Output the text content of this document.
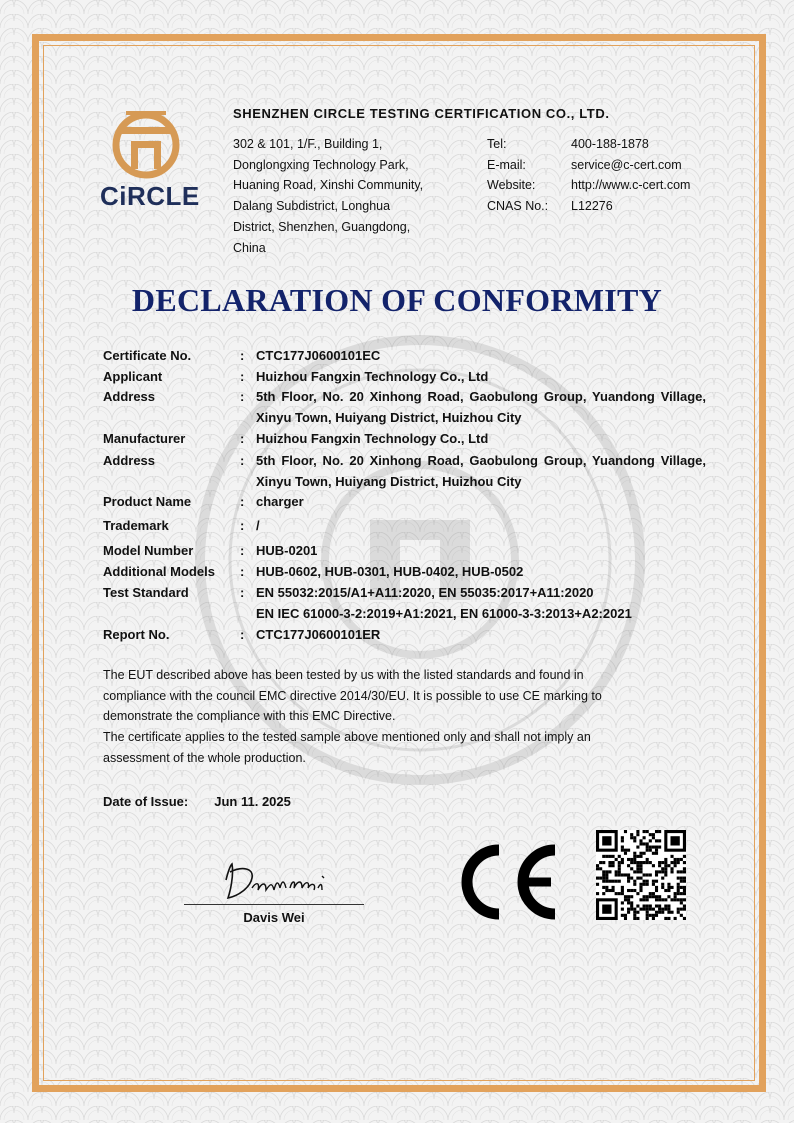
CiRCLE
SHENZHEN CIRCLE TESTING CERTIFICATION CO., LTD.
302 & 101, 1/F., Building 1,
Donglongxing Technology Park,
Huaning Road, Xinshi Community,
Dalang Subdistrict, Longhua
District, Shenzhen, Guangdong,
China
Tel:	400-188-1878
E-mail:	service@c-cert.com
Website:	http://www.c-cert.com
CNAS No.:	L12276
DECLARATION OF CONFORMITY
Certificate No.	: CTC177J0600101EC
Applicant	: Huizhou Fangxin Technology Co., Ltd
Address	: 5th Floor, No. 20 Xinhong Road, Gaobulong Group, Yuandong Village, Xinyu Town, Huiyang District, Huizhou City
Manufacturer	: Huizhou Fangxin Technology Co., Ltd
Address	: 5th Floor, No. 20 Xinhong Road, Gaobulong Group, Yuandong Village, Xinyu Town, Huiyang District, Huizhou City
Product Name	: charger
Trademark	: /
Model Number	: HUB-0201
Additional Models	: HUB-0602, HUB-0301, HUB-0402, HUB-0502
Test Standard	: EN 55032:2015/A1+A11:2020, EN 55035:2017+A11:2020
EN IEC 61000-3-2:2019+A1:2021, EN 61000-3-3:2013+A2:2021
Report No.	: CTC177J0600101ER
The EUT described above has been tested by us with the listed standards and found in
compliance with the council EMC directive 2014/30/EU. It is possible to use CE marking to
demonstrate the compliance with this EMC Directive.
The certificate applies to the tested sample above mentioned only and shall not imply an
assessment of the whole production.
Date of Issue: Jun 11. 2025
Davis Wei
